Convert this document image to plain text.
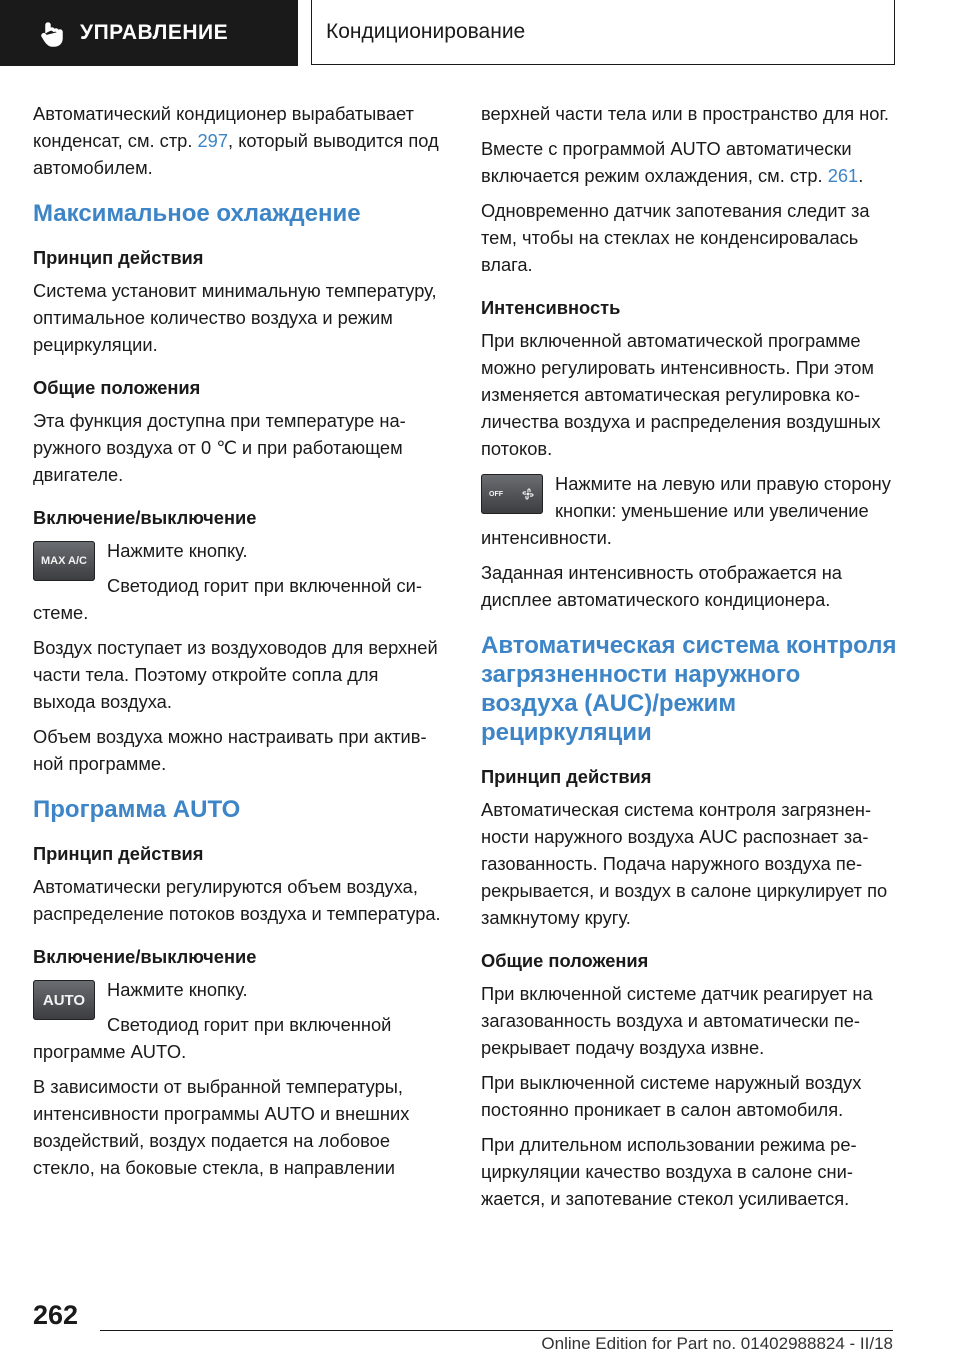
УПРАВЛЕНИЕ	Кондиционирование

Автоматический кондиционер вырабатывает конденсат, см. стр. 297, который выводится под автомобилем.

Максимальное охлаждение
Принцип действия

Система установит минимальную температуру, оптимальное количество воздуха и режим рециркуляции.

Общие положения

Эта функция доступна при температуре наружного воздуха от 0 ℃ и при работающем двигателе.

Включение/выключение
MAX A/C	Нажмите кнопку.

Светодиод горит при включенной системе.

Воздух поступает из воздуховодов для верхней части тела. Поэтому откройте сопла для выхода воздуха.

Объем воздуха можно настраивать при активной программе.

Программа AUTO
Принцип действия

Автоматически регулируются объем воздуха, распределение потоков воздуха и температура.

Включение/выключение
AUTO	Нажмите кнопку.

Светодиод горит при включенной программе AUTO.

В зависимости от выбранной температуры, интенсивности программы AUTO и внешних воздействий, воздух подается на лобовое стекло, на боковые стекла, в направлении

верхней части тела или в пространство для ног.

Вместе с программой AUTO автоматически включается режим охлаждения, см. стр. 261.

Одновременно датчик запотевания следит за тем, чтобы на стеклах не конденсировалась влага.

Интенсивность

При включенной автоматической программе можно регулировать интенсивность. При этом изменяется автоматическая регулировка количества воздуха и распределения воздушных потоков.

OFF	Нажмите на левую или правую сторону кнопки: уменьшение или увеличение интенсивности.

Заданная интенсивность отображается на дисплее автоматического кондиционера.

Автоматическая система контроля загрязненности наружного воздуха (AUC)/режим рециркуляции
Принцип действия

Автоматическая система контроля загрязненности наружного воздуха AUC распознает загазованность. Подача наружного воздуха перекрывается, и воздух в салоне циркулирует по замкнутому кругу.

Общие положения

При включенной системе датчик реагирует на загазованность воздуха и автоматически перекрывает подачу воздуха извне.

При выключенной системе наружный воздух постоянно проникает в салон автомобиля.

При длительном использовании режима рециркуляции качество воздуха в салоне снижается, и запотевание стекол усиливается.

262
Online Edition for Part no. 01402988824 - II/18
